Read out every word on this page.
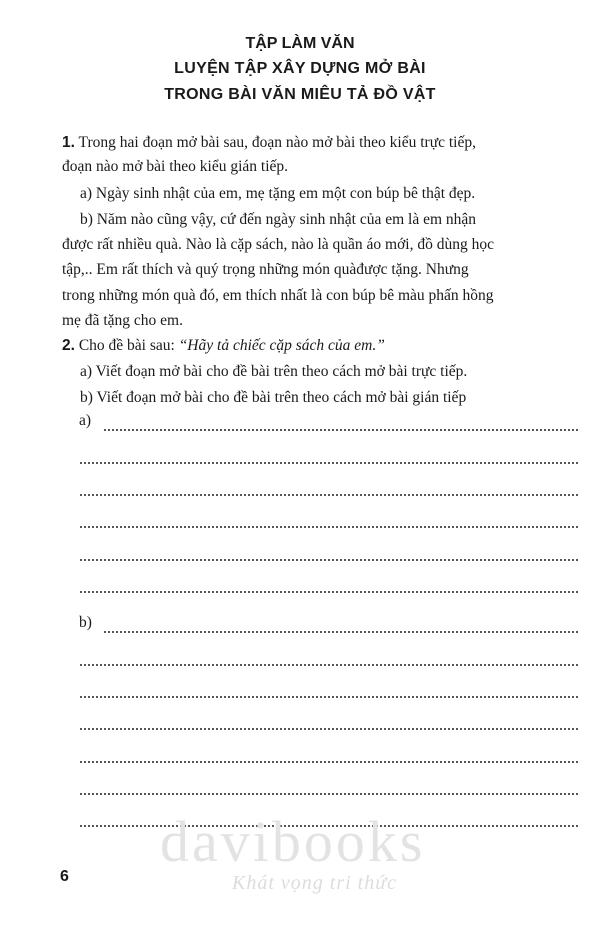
TẬP LÀM VĂN
LUYỆN TẬP XÂY DỰNG MỞ BÀI
TRONG BÀI VĂN MIÊU TẢ ĐỒ VẬT
1. Trong hai đoạn mở bài sau, đoạn nào mở bài theo kiểu trực tiếp,
đoạn nào mở bài theo kiểu gián tiếp.
a) Ngày sinh nhật của em, mẹ tặng em một con búp bê thật đẹp.
b) Năm nào cũng vậy, cứ đến ngày sinh nhật của em là em nhận
được rất nhiều quà. Nào là cặp sách, nào là quần áo mới, đồ dùng học
tập,.. Em rất thích và quý trọng những món quàđược tặng. Nhưng
trong những món quà đó, em thích nhất là con búp bê màu phấn hồng
mẹ đã tặng cho em.
2. Cho đề bài sau: “Hãy tả chiếc cặp sách của em.”
a) Viết đoạn mở bài cho đề bài trên theo cách mở bài trực tiếp.
b) Viết đoạn mở bài cho đề bài trên theo cách mở bài gián tiếp
a)
b)
davibooks
Khát vọng tri thức
6
